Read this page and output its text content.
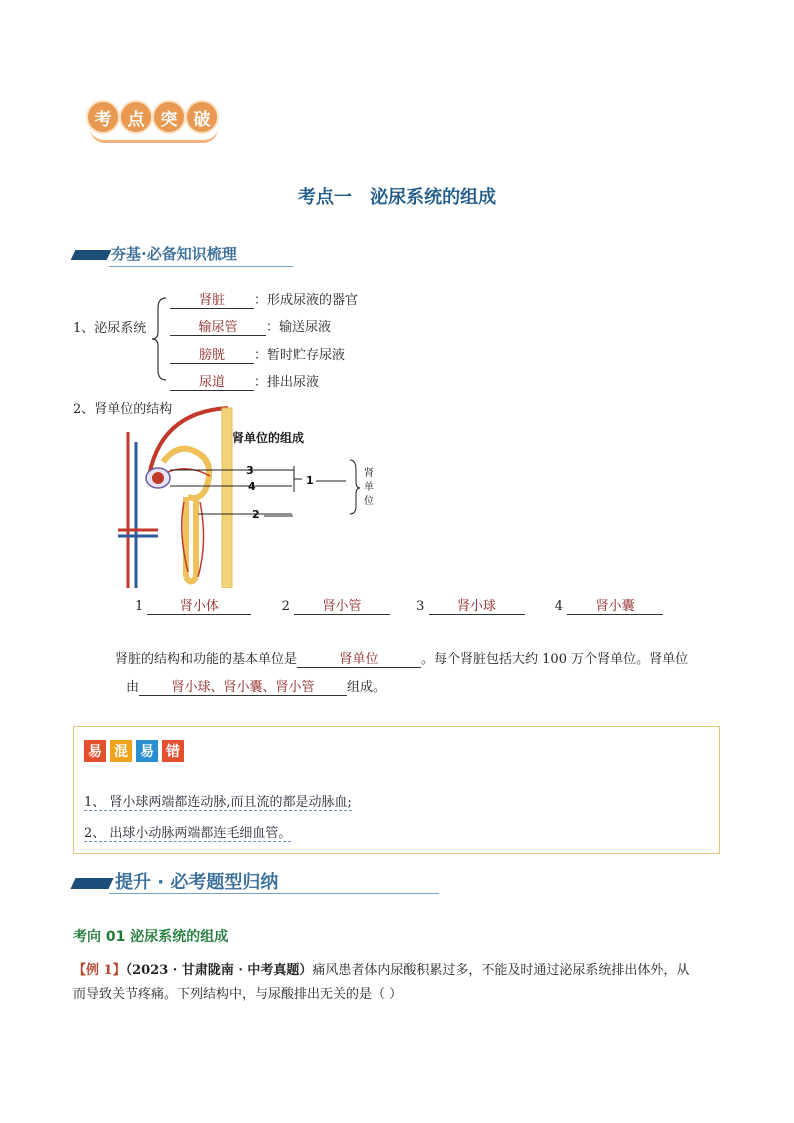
考 点 突 破
考点一 泌尿系统的组成
夯基·必备知识梳理
1、泌尿系统
肾脏 ：形成尿液的器官
输尿管 ：输送尿液
膀胱 ：暂时贮存尿液
尿道 ：排出尿液
2、肾单位的结构
肾单位的组成
3
4
2
1
肾
单
位
1	肾小体	2	肾小管	3	肾小球	4	肾小囊
肾脏的结构和功能的基本单位是	肾单位	。每个肾脏包括大约 100 万个肾单位。肾单位
由 肾小球、肾小囊、肾小管	组成。
易 混 易 错
1、 肾小球两端都连动脉,而且流的都是动脉血;
2、 出球小动脉两端都连毛细血管。
提升 · 必考题型归纳
考向 01 泌尿系统的组成
【例 1】（2023 · 甘肃陇南 · 中考真题）痛风患者体内尿酸积累过多，不能及时通过泌尿系统排出体外，从
而导致关节疼痛。下列结构中，与尿酸排出无关的是（ ）
